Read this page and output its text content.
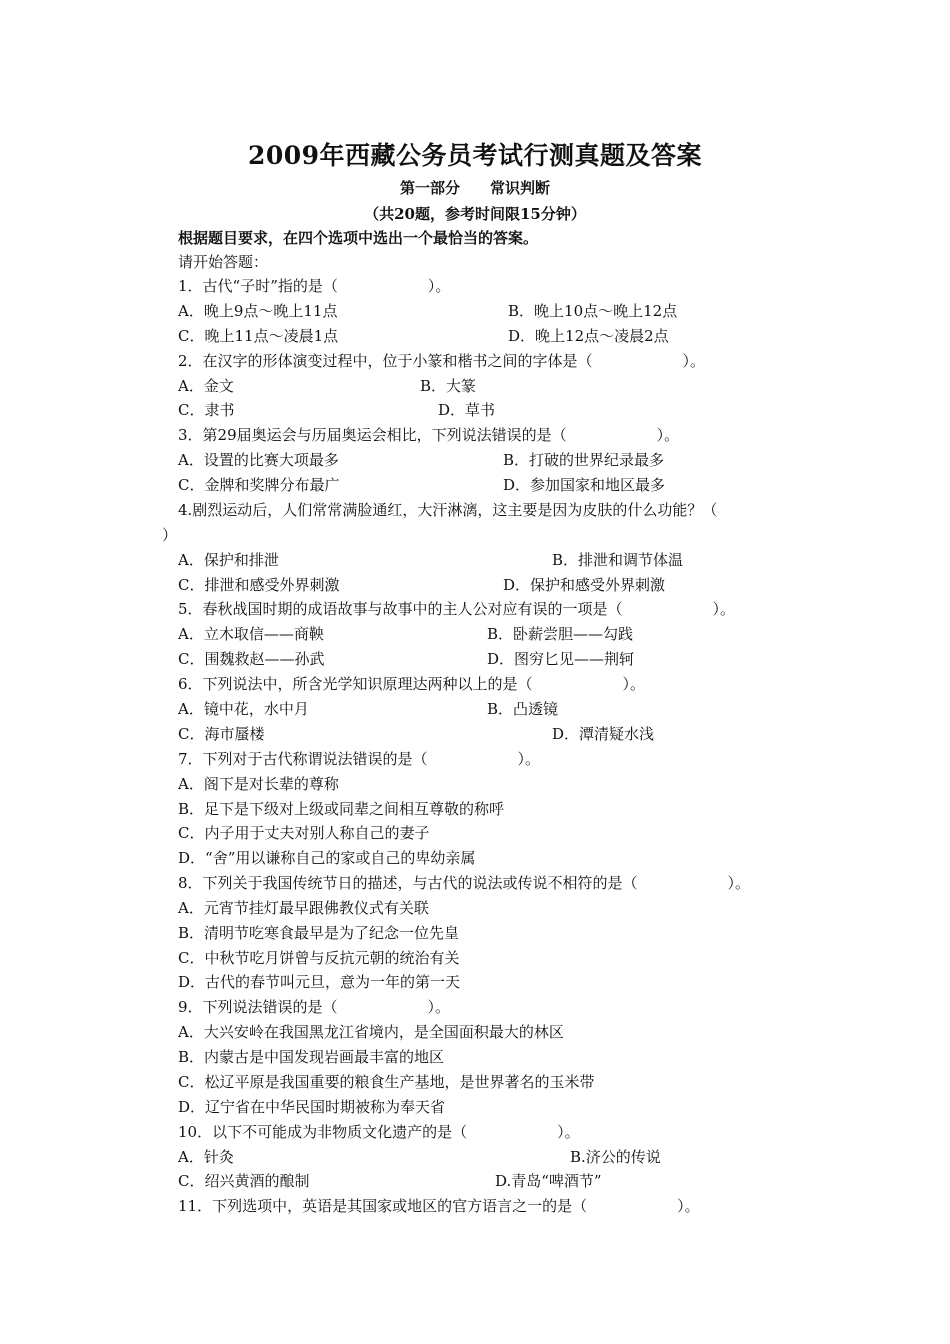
2009年西藏公务员考试行测真题及答案
第一部分　　常识判断
（共20题，参考时间限15分钟）
根据题目要求，在四个选项中选出一个最恰当的答案。
请开始答题：
1．古代“子时”指的是（　　　　　　）。
A．晚上9点～晚上11点	B．晚上10点～晚上12点
C．晚上11点～凌晨1点	D．晚上12点～凌晨2点
2．在汉字的形体演变过程中，位于小篆和楷书之间的字体是（　　　　　　）。
A．金文	B．大篆
C．隶书	D．草书
3．第29届奥运会与历届奥运会相比，下列说法错误的是（　　　　　　）。
A．设置的比赛大项最多	B．打破的世界纪录最多
C．金牌和奖牌分布最广	D．参加国家和地区最多
4.剧烈运动后，人们常常满脸通红，大汗淋漓，这主要是因为皮肤的什么功能？（
）
A．保护和排泄	B．排泄和调节体温
C．排泄和感受外界刺激	D．保护和感受外界刺激
5．春秋战国时期的成语故事与故事中的主人公对应有误的一项是（　　　　　　）。
A．立木取信——商鞅	B．卧薪尝胆——勾践
C．围魏救赵——孙武	D．图穷匕见——荆轲
6．下列说法中，所含光学知识原理达两种以上的是（　　　　　　）。
A．镜中花，水中月	B．凸透镜
C．海市蜃楼	D．潭清疑水浅
7．下列对于古代称谓说法错误的是（　　　　　　）。
A．阁下是对长辈的尊称
B．足下是下级对上级或同辈之间相互尊敬的称呼
C．内子用于丈夫对别人称自己的妻子
D．“舍”用以谦称自己的家或自己的卑幼亲属
8．下列关于我国传统节日的描述，与古代的说法或传说不相符的是（　　　　　　）。
A．元宵节挂灯最早跟佛教仪式有关联
B．清明节吃寒食最早是为了纪念一位先皇
C．中秋节吃月饼曾与反抗元朝的统治有关
D．古代的春节叫元旦，意为一年的第一天
9．下列说法错误的是（　　　　　　）。
A．大兴安岭在我国黑龙江省境内，是全国面积最大的林区
B．内蒙古是中国发现岩画最丰富的地区
C．松辽平原是我国重要的粮食生产基地，是世界著名的玉米带
D．辽宁省在中华民国时期被称为奉天省
10．以下不可能成为非物质文化遗产的是（　　　　　　）。
A．针灸	B.济公的传说
C．绍兴黄酒的酿制	D.青岛“啤酒节”
11．下列选项中，英语是其国家或地区的官方语言之一的是（　　　　　　）。
